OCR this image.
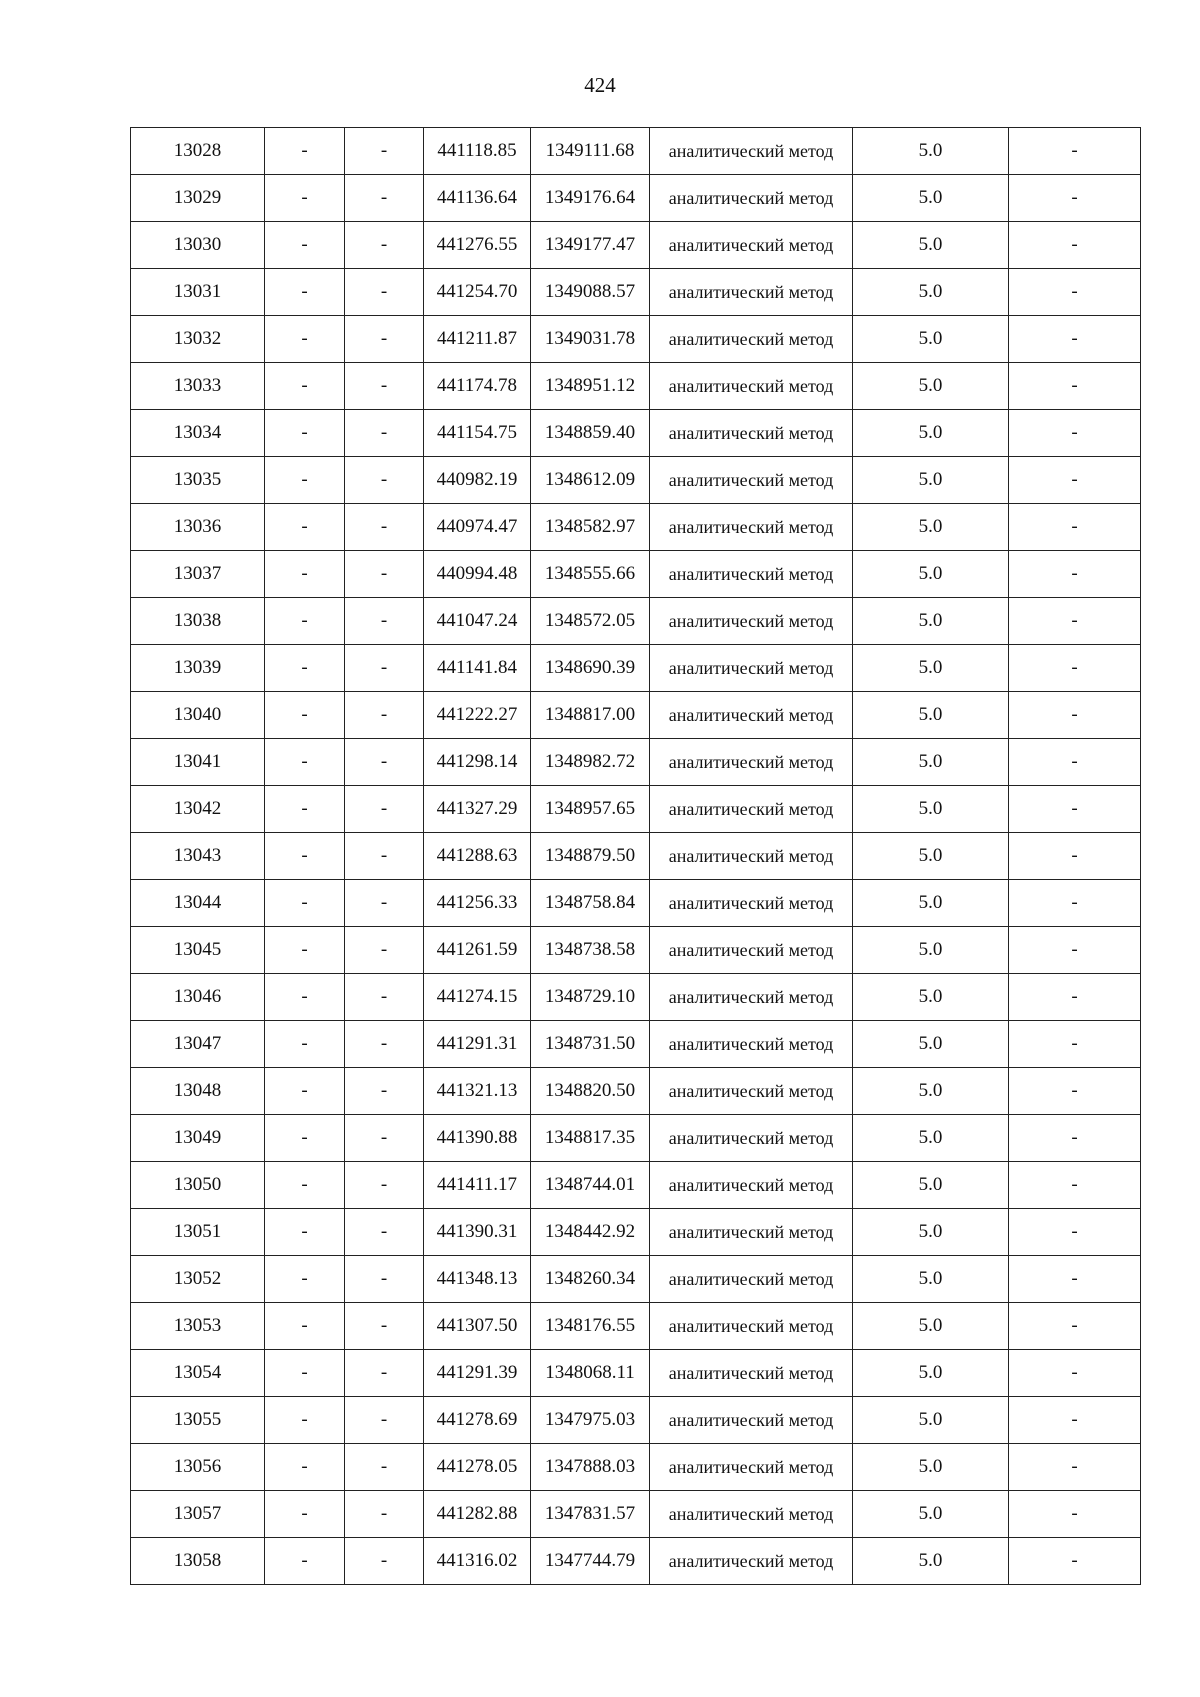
424
13028	-	-	441118.85	1349111.68	аналитический метод	5.0	-
13029	-	-	441136.64	1349176.64	аналитический метод	5.0	-
13030	-	-	441276.55	1349177.47	аналитический метод	5.0	-
13031	-	-	441254.70	1349088.57	аналитический метод	5.0	-
13032	-	-	441211.87	1349031.78	аналитический метод	5.0	-
13033	-	-	441174.78	1348951.12	аналитический метод	5.0	-
13034	-	-	441154.75	1348859.40	аналитический метод	5.0	-
13035	-	-	440982.19	1348612.09	аналитический метод	5.0	-
13036	-	-	440974.47	1348582.97	аналитический метод	5.0	-
13037	-	-	440994.48	1348555.66	аналитический метод	5.0	-
13038	-	-	441047.24	1348572.05	аналитический метод	5.0	-
13039	-	-	441141.84	1348690.39	аналитический метод	5.0	-
13040	-	-	441222.27	1348817.00	аналитический метод	5.0	-
13041	-	-	441298.14	1348982.72	аналитический метод	5.0	-
13042	-	-	441327.29	1348957.65	аналитический метод	5.0	-
13043	-	-	441288.63	1348879.50	аналитический метод	5.0	-
13044	-	-	441256.33	1348758.84	аналитический метод	5.0	-
13045	-	-	441261.59	1348738.58	аналитический метод	5.0	-
13046	-	-	441274.15	1348729.10	аналитический метод	5.0	-
13047	-	-	441291.31	1348731.50	аналитический метод	5.0	-
13048	-	-	441321.13	1348820.50	аналитический метод	5.0	-
13049	-	-	441390.88	1348817.35	аналитический метод	5.0	-
13050	-	-	441411.17	1348744.01	аналитический метод	5.0	-
13051	-	-	441390.31	1348442.92	аналитический метод	5.0	-
13052	-	-	441348.13	1348260.34	аналитический метод	5.0	-
13053	-	-	441307.50	1348176.55	аналитический метод	5.0	-
13054	-	-	441291.39	1348068.11	аналитический метод	5.0	-
13055	-	-	441278.69	1347975.03	аналитический метод	5.0	-
13056	-	-	441278.05	1347888.03	аналитический метод	5.0	-
13057	-	-	441282.88	1347831.57	аналитический метод	5.0	-
13058	-	-	441316.02	1347744.79	аналитический метод	5.0	-
